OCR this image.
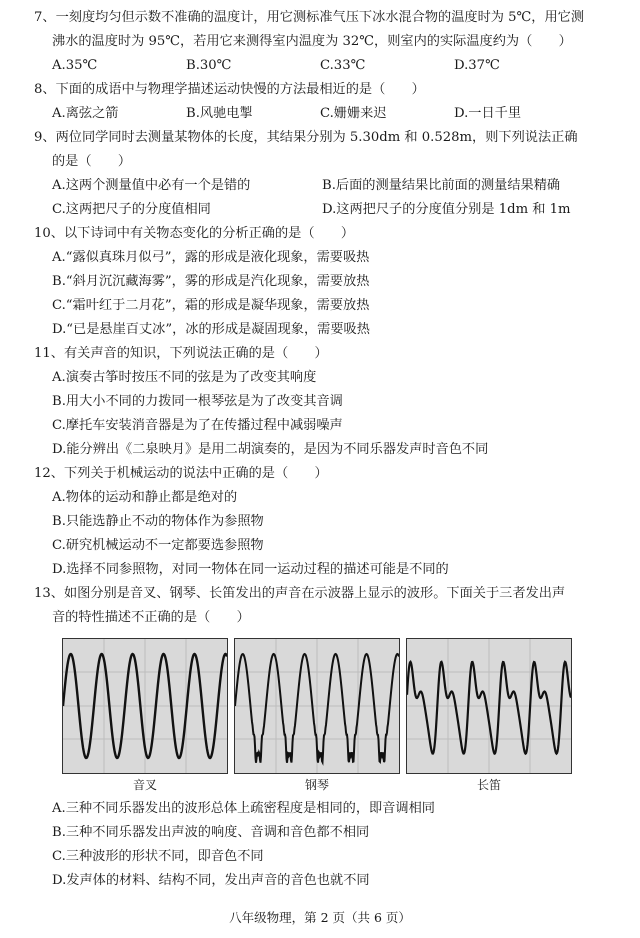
7、一刻度均匀但示数不准确的温度计，用它测标准气压下冰水混合物的温度时为 5℃，用它测
沸水的温度时为 95℃，若用它来测得室内温度为 32℃，则室内的实际温度约为（　　）
A.35℃	B.30℃	C.33℃	D.37℃
8、下面的成语中与物理学描述运动快慢的方法最相近的是（　　）
A.离弦之箭	B.风驰电掣	C.姗姗来迟	D.一日千里
9、两位同学同时去测量某物体的长度，其结果分别为 5.30dm 和 0.528m，则下列说法正确
的是（　　）
A.这两个测量值中必有一个是错的	B.后面的测量结果比前面的测量结果精确
C.这两把尺子的分度值相同	D.这两把尺子的分度值分别是 1dm 和 1m
10、以下诗词中有关物态变化的分析正确的是（　　）
A.“露似真珠月似弓”，露的形成是液化现象，需要吸热
B.“斜月沉沉藏海雾”，雾的形成是汽化现象，需要放热
C.“霜叶红于二月花”，霜的形成是凝华现象，需要放热
D.“已是悬崖百丈冰”，冰的形成是凝固现象，需要吸热
11、有关声音的知识，下列说法正确的是（　　）
A.演奏古筝时按压不同的弦是为了改变其响度
B.用大小不同的力拨同一根琴弦是为了改变其音调
C.摩托车安装消音器是为了在传播过程中减弱噪声
D.能分辨出《二泉映月》是用二胡演奏的，是因为不同乐器发声时音色不同
12、下列关于机械运动的说法中正确的是（　　）
A.物体的运动和静止都是绝对的
B.只能选静止不动的物体作为参照物
C.研究机械运动不一定都要选参照物
D.选择不同参照物，对同一物体在同一运动过程的描述可能是不同的
13、如图分别是音叉、钢琴、长笛发出的声音在示波器上显示的波形。下面关于三者发出声
音的特性描述不正确的是（　　）
音叉	钢琴	长笛
A.三种不同乐器发出的波形总体上疏密程度是相同的，即音调相同
B.三种不同乐器发出声波的响度、音调和音色都不相同
C.三种波形的形状不同，即音色不同
D.发声体的材料、结构不同，发出声音的音色也就不同
八年级物理，第 2 页（共 6 页）
